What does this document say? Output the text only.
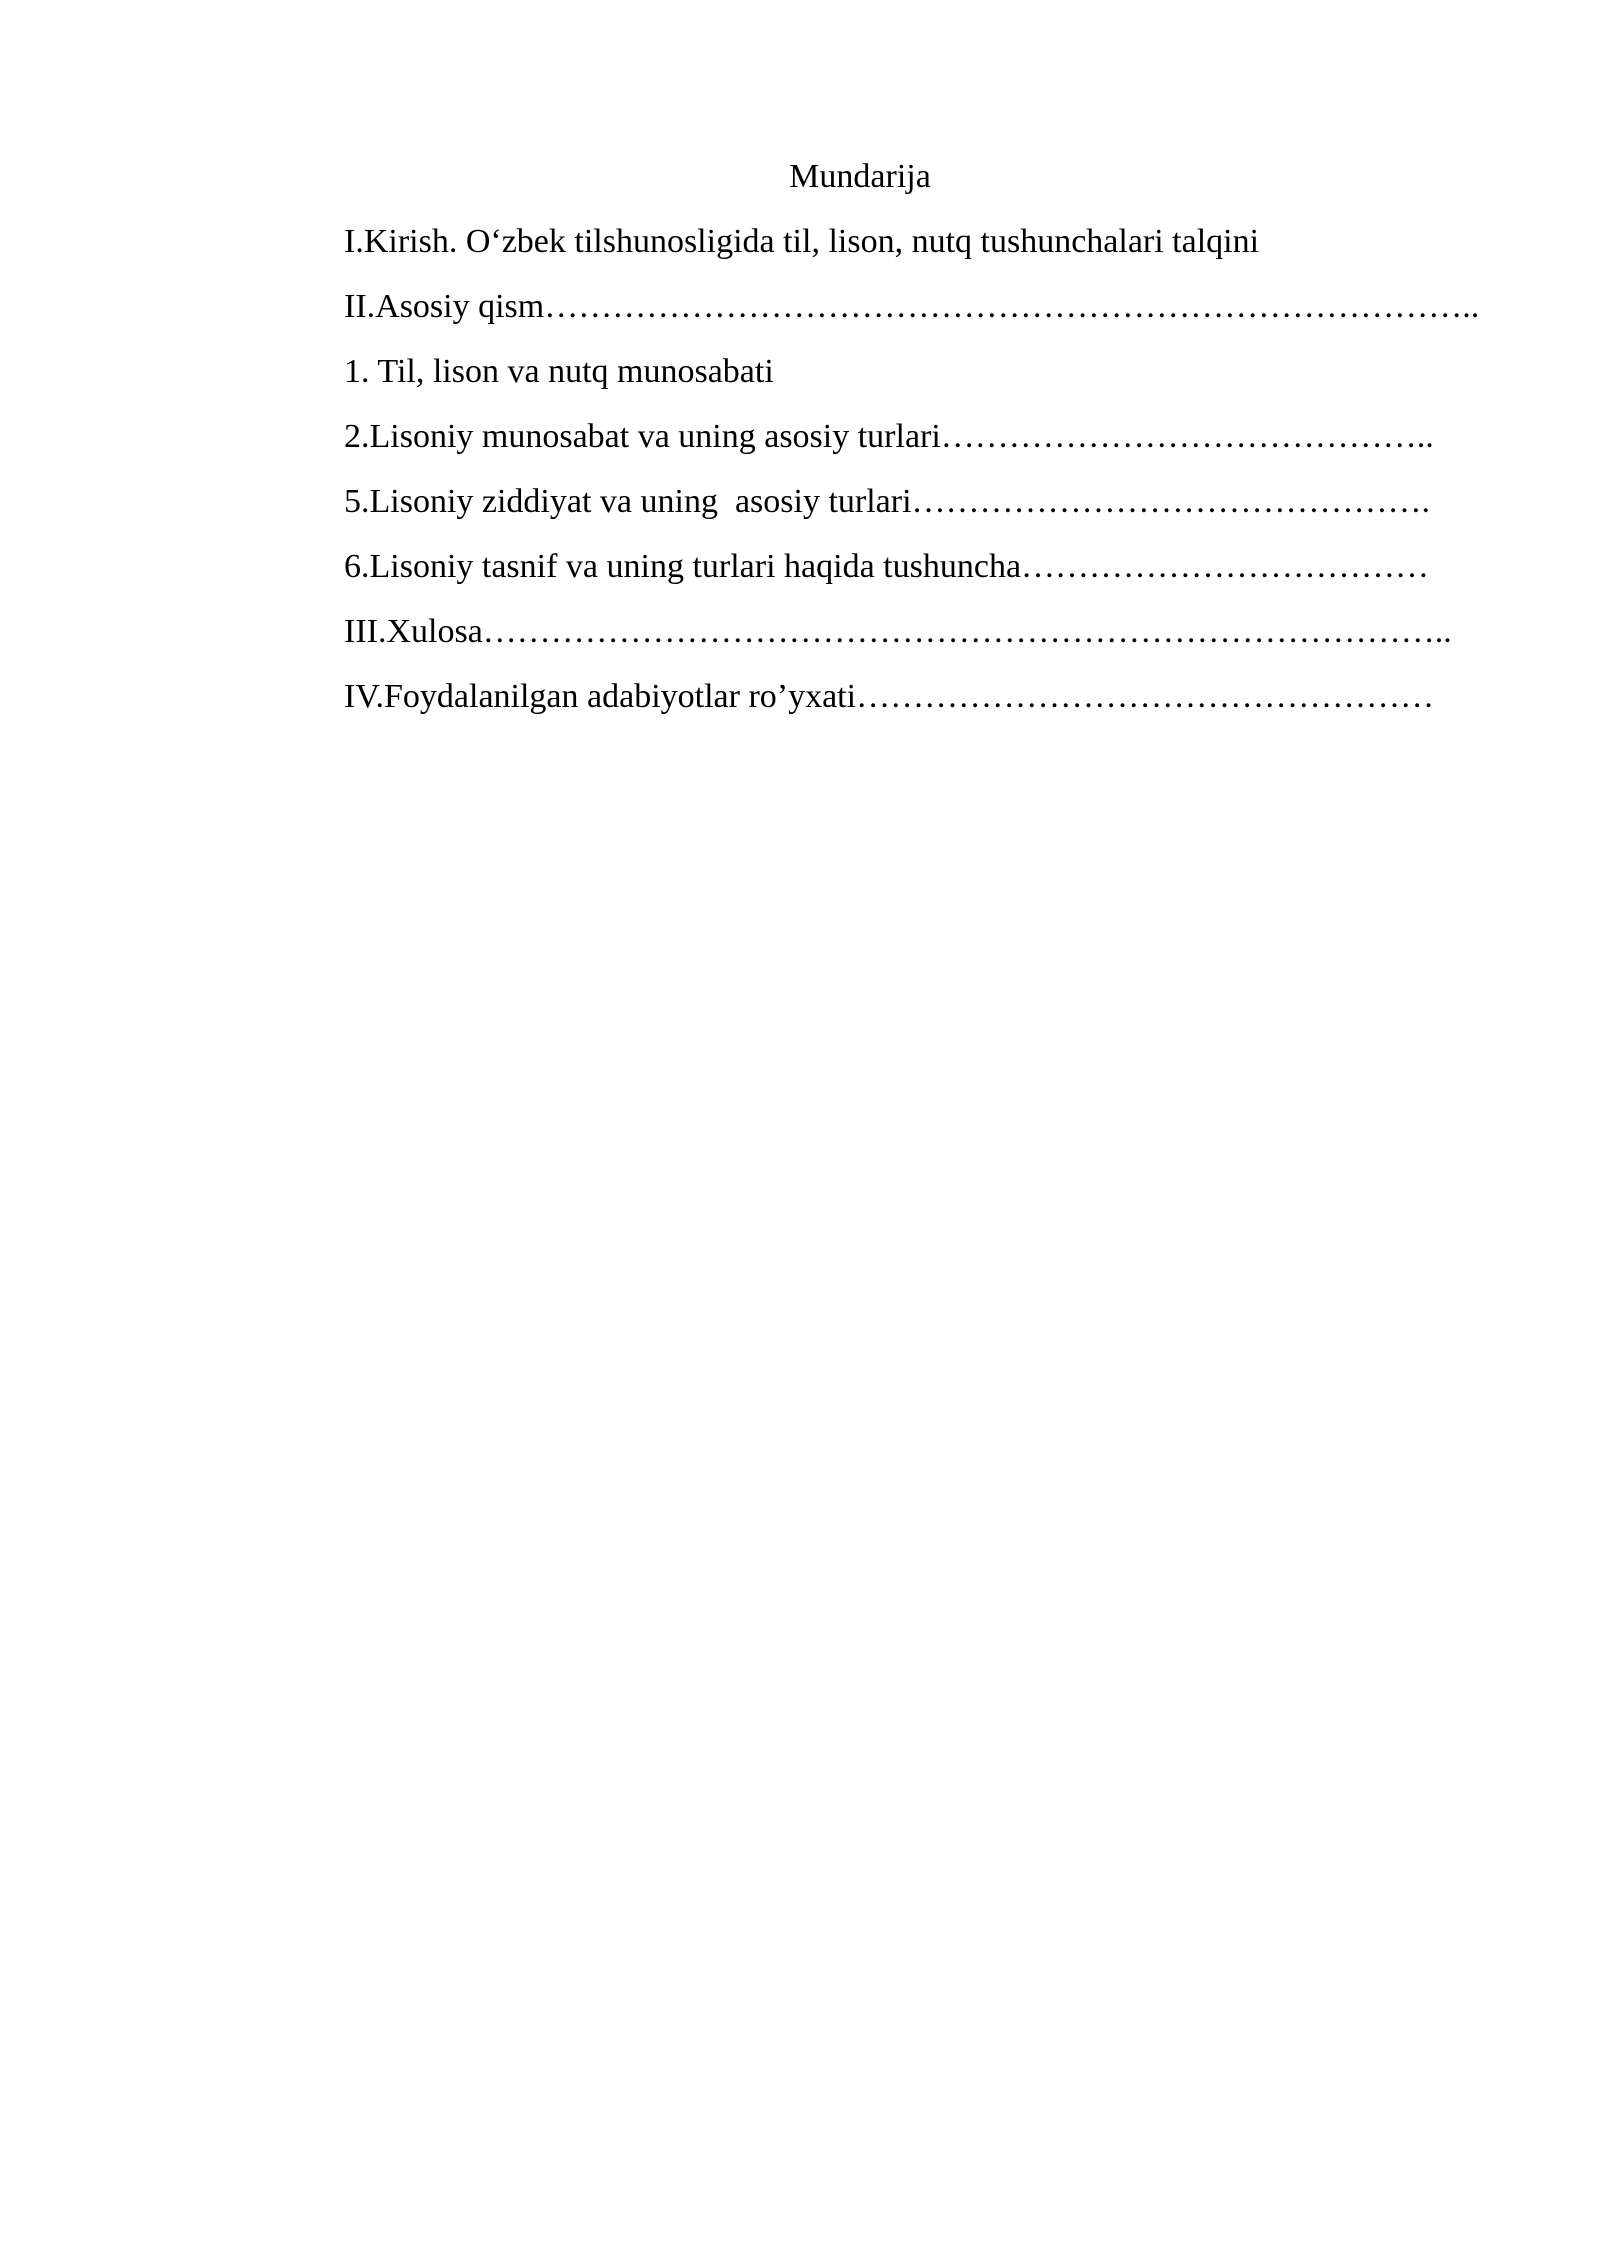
Mundarija
I.Kirish. O‘zbek tilshunosligida til, lison, nutq tushunchalari talqini
II.Asosiy qism………………………………………………………………………..
1. Til, lison va nutq munosabati
2.Lisoniy munosabat va uning asosiy turlari……………………………………..
5.Lisoniy ziddiyat va uning  asosiy turlari……………………………………….
6.Lisoniy tasnif va uning turlari haqida tushuncha………………………………
III.Xulosa…………………………………………………………………………..
IV.Foydalanilgan adabiyotlar ro’yxati……………………………………………
